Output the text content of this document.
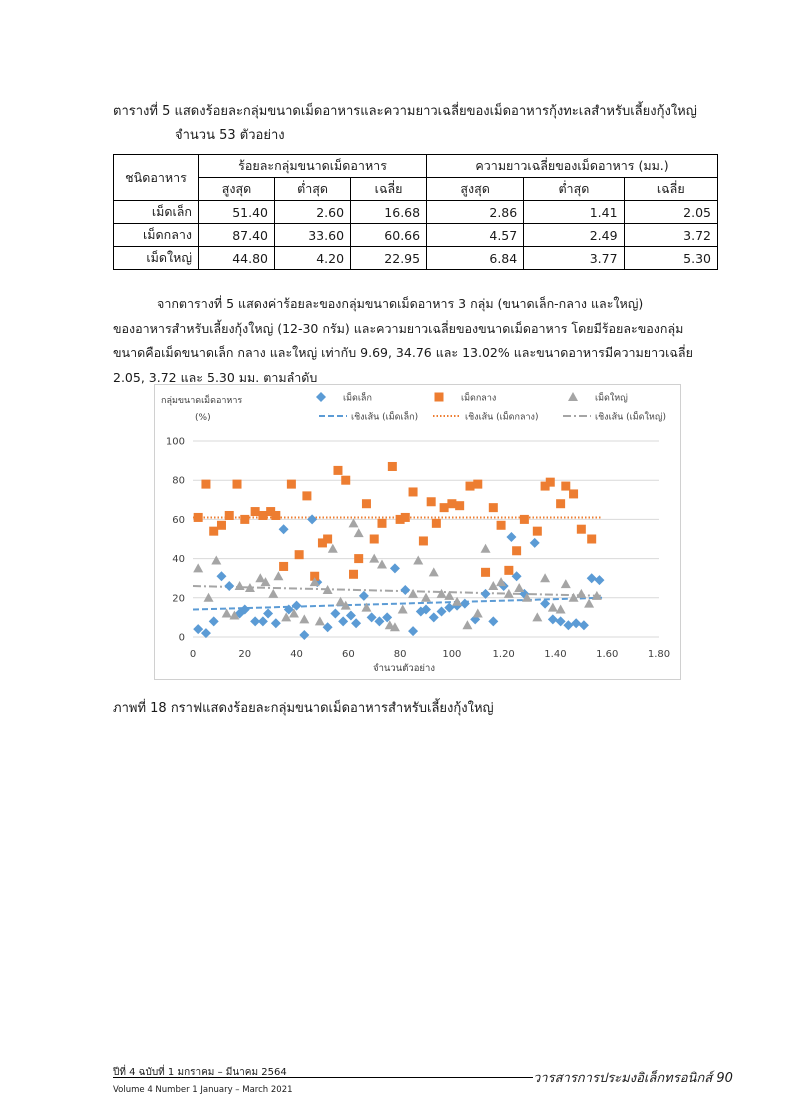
ตารางที่ 5 แสดงร้อยละกลุ่มขนาดเม็ดอาหารและความยาวเฉลี่ยของเม็ดอาหารกุ้งทะเลสำหรับเลี้ยงกุ้งใหญ่
จำนวน 53 ตัวอย่าง
ชนิดอาหาร	ร้อยละกลุ่มขนาดเม็ดอาหาร			ความยาวเฉลี่ยของเม็ดอาหาร (มม.)		
	สูงสุด	ต่ำสุด	เฉลี่ย	สูงสุด	ต่ำสุด	เฉลี่ย
เม็ดเล็ก	51.40	2.60	16.68	2.86	1.41	2.05
เม็ดกลาง	87.40	33.60	60.66	4.57	2.49	3.72
เม็ดใหญ่	44.80	4.20	22.95	6.84	3.77	5.30

จากตารางที่ 5 แสดงค่าร้อยละของกลุ่มขนาดเม็ดอาหาร 3 กลุ่ม (ขนาดเล็ก-กลาง และใหญ่)

ของอาหารสำหรับเลี้ยงกุ้งใหญ่ (12-30 กรัม) และความยาวเฉลี่ยของขนาดเม็ดอาหาร โดยมีร้อยละของกลุ่ม
ขนาดคือเม็ดขนาดเล็ก กลาง และใหญ่ เท่ากับ 9.69, 34.76 และ 13.02% และขนาดอาหารมีความยาวเฉลี่ย
2.05, 3.72 และ 5.30 มม. ตามลำดับ
0
20
40
60
80
100
0	20	40	60	80	100	1.20	1.40	1.60	1.80
กลุ่มขนาดเม็ดอาหาร
(%)
จำนวนตัวอย่าง
เม็ดเล็ก	เม็ดกลาง	เม็ดใหญ่
เชิงเส้น (เม็ดเล็ก)	เชิงเส้น (เม็ดกลาง)	เชิงเส้น (เม็ดใหญ่)
ภาพที่ 18 กราฟแสดงร้อยละกลุ่มขนาดเม็ดอาหารสำหรับเลี้ยงกุ้งใหญ่
ปีที่ 4 ฉบับที่ 1 มกราคม – มีนาคม 2564
Volume 4 Number 1 January – March 2021
วารสารการประมงอิเล็กทรอนิกส์ 90
